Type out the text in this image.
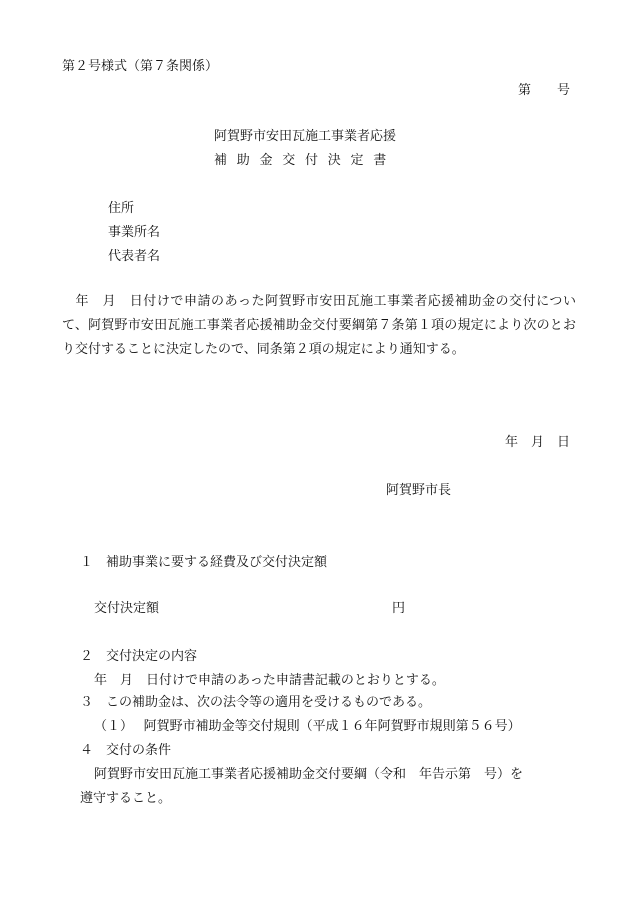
第２号様式（第７条関係）
第　　号
阿賀野市安田瓦施工事業者応援
補助金交付決定書
住所
事業所名
代表者名
　年　月　日付けで申請のあった阿賀野市安田瓦施工事業者応援補助金の交付について、阿賀野市安田瓦施工事業者応援補助金交付要綱第７条第１項の規定により次のとおり交付することに決定したので、同条第２項の規定により通知する。
年　月　日
阿賀野市長
１　補助事業に要する経費及び交付決定額
交付決定額	円
２　交付決定の内容
年　月　日付けで申請のあった申請書記載のとおりとする。
３　この補助金は、次の法令等の適用を受けるものである。
（１）　 阿賀野市補助金等交付規則（平成１６年阿賀野市規則第５６号）
４　交付の条件
阿賀野市安田瓦施工事業者応援補助金交付要綱（令和　年告示第　号）を
遵守すること。
